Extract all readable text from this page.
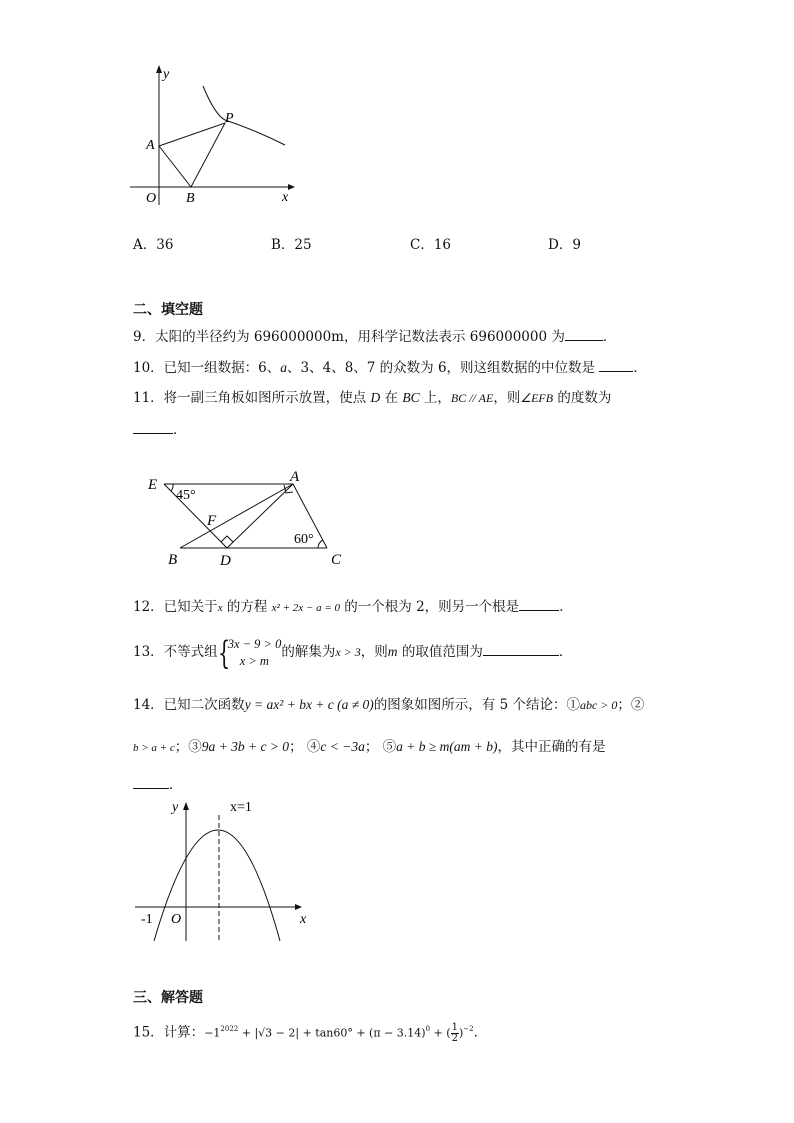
y
x
O
A
B
P
A．36	B．25	C．16	D．9
二、填空题
9．太阳的半径约为 696000000m，用科学记数法表示 696000000 为	．
10．已知一组数据：6、a、3、4、8、7 的众数为 6，则这组数据的中位数是	．
11．将一副三角板如图所示放置，使点 D 在 BC 上，BC // AE，则∠EFB 的度数为
．
E	A
F
B	D	C
45°
60°
12．已知关于x 的方程 x² + 2x − a = 0 的一个根为 2，则另一个根是	．
13．不等式组 {
3x − 9 > 0
x > m
的解集为x > 3，则m 的取值范围为	．
14．已知二次函数y = ax² + bx + c (a ≠ 0)的图象如图所示，有 5 个结论：①abc > 0；②
b > a + c；③9a + 3b + c > 0； ④c < −3a； ⑤a + b ≥ m(am + b)，其中正确的有是
．
y
x
O
-1
x=1
三、解答题
15．计算：$-1^{2022} + |√3 - 2| + \tan 60^\circ + (\pi - 3.14)^0$ + ( $\frac{1}{2} )^{-2}$．
